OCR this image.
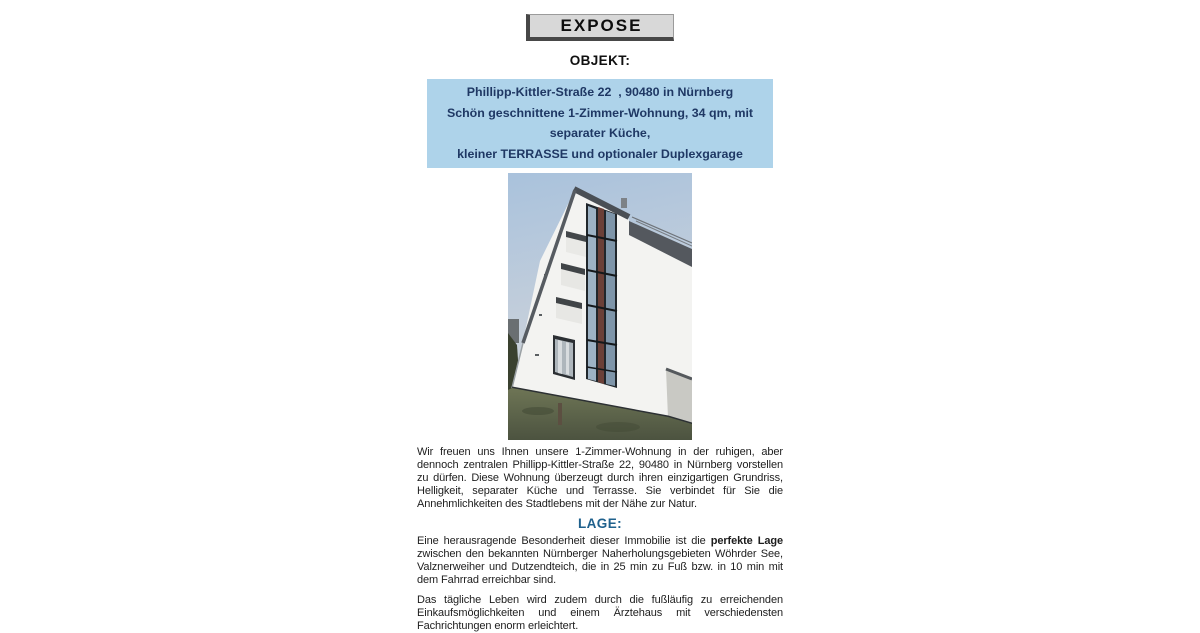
EXPOSE
OBJEKT:
Phillipp-Kittler-Straße 22  , 90480 in Nürnberg
Schön geschnittene 1-Zimmer-Wohnung, 34 qm, mit separater Küche,
kleiner TERRASSE und optionaler Duplexgarage

Wir freuen uns Ihnen unsere 1-Zimmer-Wohnung in der ruhigen, aber dennoch zentralen Phillipp-Kittler-Straße 22, 90480 in Nürnberg vorstellen zu dürfen. Diese Wohnung überzeugt durch ihren einzigartigen Grundriss, Helligkeit, separater Küche und Terrasse. Sie verbindet für Sie die Annehmlichkeiten des Stadtlebens mit der Nähe zur Natur.

LAGE:

Eine herausragende Besonderheit dieser Immobilie ist die perfekte Lage zwischen den bekannten Nürnberger Naherholungsgebieten Wöhrder See, Valznerweiher und Dutzendteich, die in 25 min zu Fuß bzw. in 10 min mit dem Fahrrad erreichbar sind.

Das tägliche Leben wird zudem durch die fußläufig zu erreichenden Einkaufsmöglichkeiten und einem Ärztehaus mit verschiedensten Fachrichtungen enorm erleichtert.
